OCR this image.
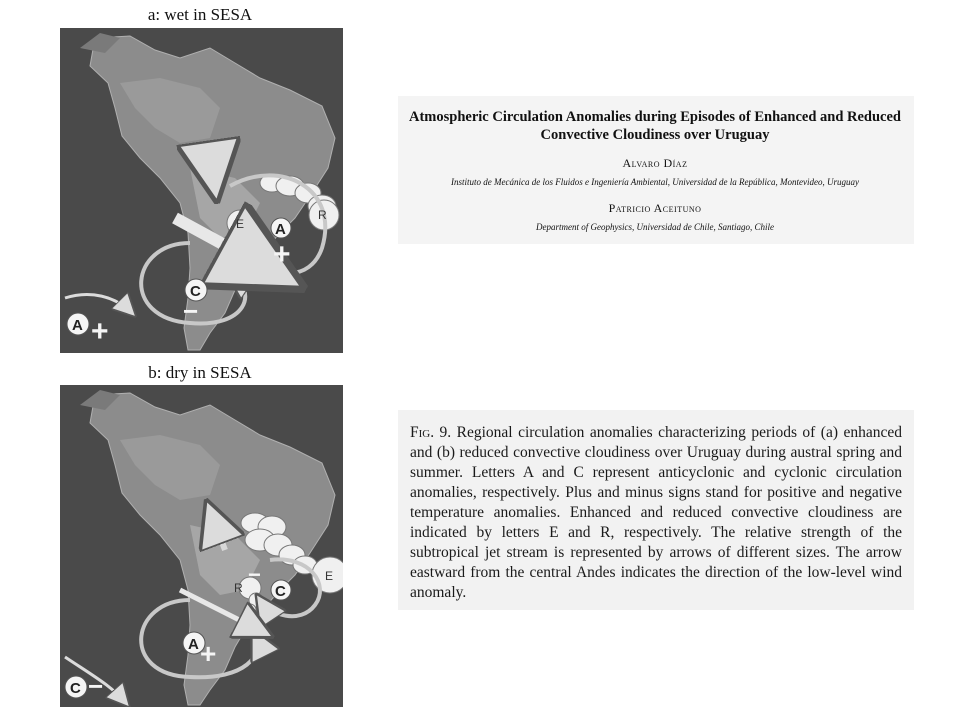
a: wet in SESA
E A
+
R
C
−
A +
b: dry in SESA
E
R C
−
A +
C −
Atmospheric Circulation Anomalies during Episodes of Enhanced and Reduced Convective Cloudiness over Uruguay
Alvaro Díaz
Instituto de Mecánica de los Fluidos e Ingeniería Ambiental, Universidad de la República, Montevideo, Uruguay
Patricio Aceituno
Department of Geophysics, Universidad de Chile, Santiago, Chile
Fig. 9. Regional circulation anomalies characterizing periods of (a) enhanced and (b) reduced convective cloudiness over Uruguay during austral spring and summer. Letters A and C represent anticyclonic and cyclonic circulation anomalies, respectively. Plus and minus signs stand for positive and negative temperature anomalies. Enhanced and reduced convective cloudiness are indicated by letters E and R, respectively. The relative strength of the subtropical jet stream is represented by arrows of different sizes. The arrow eastward from the central Andes indicates the direction of the low-level wind anomaly.
